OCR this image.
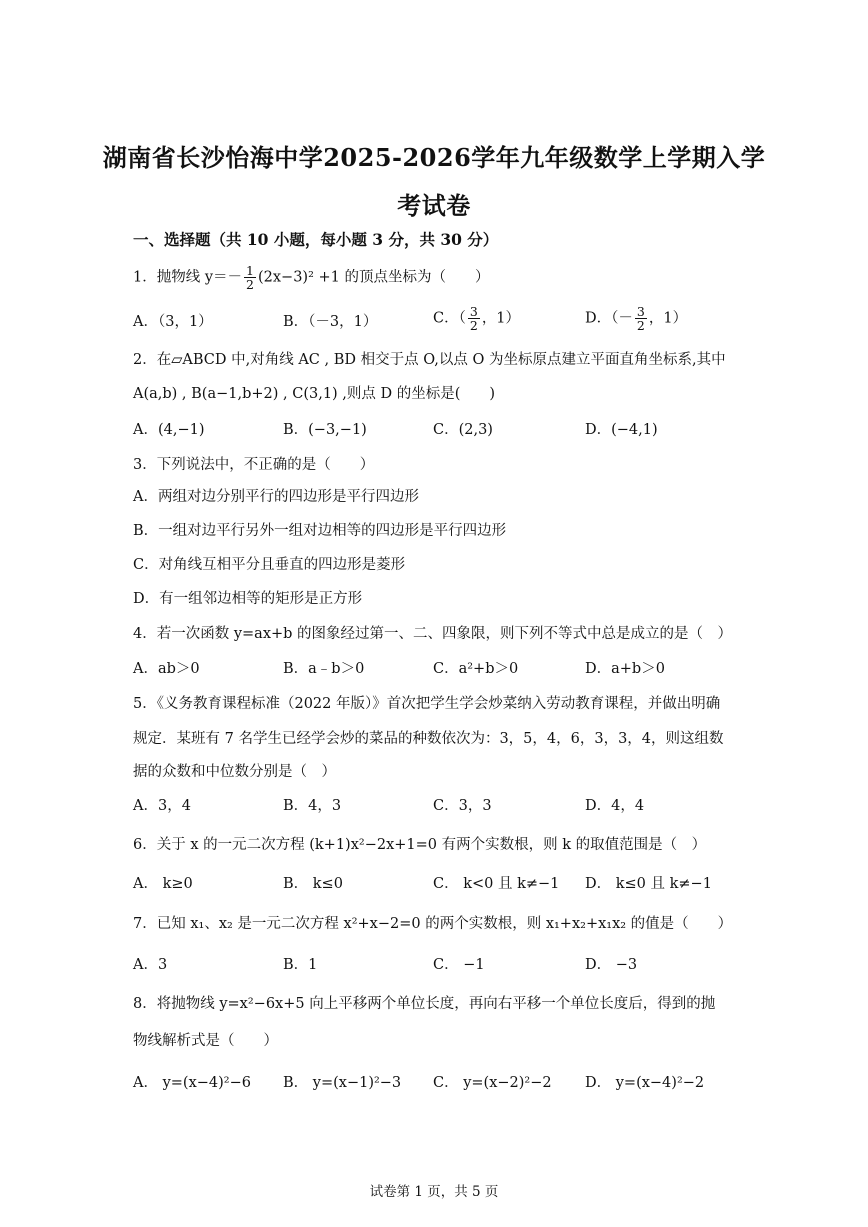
湖南省长沙怡海中学2025-2026学年九年级数学上学期入学
考试卷
一、选择题（共 10 小题，每小题 3 分，共 30 分）
1．抛物线 $y=- \frac{1}{2} (2x-3)^2 +1$ 的顶点坐标为（　　）
A．（3，1）	B．（－3，1）	C．（ $\frac{3}{2}$ ，1）	D．（－ $\frac{3}{2}$ ，1）
2．在▱ABCD 中,对角线 AC , BD 相交于点 O,以点 O 为坐标原点建立平面直角坐标系,其中
A(a,b) , B(a−1,b+2) , C(3,1) ,则点 D 的坐标是(　　)
A．(4,−1)	B．(−3,−1)	C．(2,3)	D．(−4,1)
3．下列说法中，不正确的是（　　）
A．两组对边分别平行的四边形是平行四边形
B．一组对边平行另外一组对边相等的四边形是平行四边形
C．对角线互相平分且垂直的四边形是菱形
D．有一组邻边相等的矩形是正方形
4．若一次函数 y=ax+b 的图象经过第一、二、四象限，则下列不等式中总是成立的是（　）
A．ab＞0	B．a﹣b＞0	C．a²+b＞0	D．a+b＞0
5．《义务教育课程标准（2022 年版）》首次把学生学会炒菜纳入劳动教育课程，并做出明确
规定．某班有 7 名学生已经学会炒的菜品的种数依次为：3，5，4，6，3，3，4，则这组数
据的众数和中位数分别是（　）
A．3，4	B．4，3	C．3，3	D．4，4
6．关于 x 的一元二次方程 (k+1)x²−2x+1=0 有两个实数根，则 k 的取值范围是（　）
A． k≥0	B． k≤0	C． k<0 且 k≠−1 D． k≤0 且 k≠−1
7．已知 x₁、x₂ 是一元二次方程 x²+x−2=0 的两个实数根，则 x₁+x₂+x₁x₂ 的值是（　　）
A．3	B．1	C． −1	D． −3
8．将抛物线 y=x²−6x+5 向上平移两个单位长度，再向右平移一个单位长度后，得到的抛
物线解析式是（　　）
A． y=(x−4)²−6 B． y=(x−1)²−3 C． y=(x−2)²−2 D． y=(x−4)²−2
试卷第 1 页，共 5 页
